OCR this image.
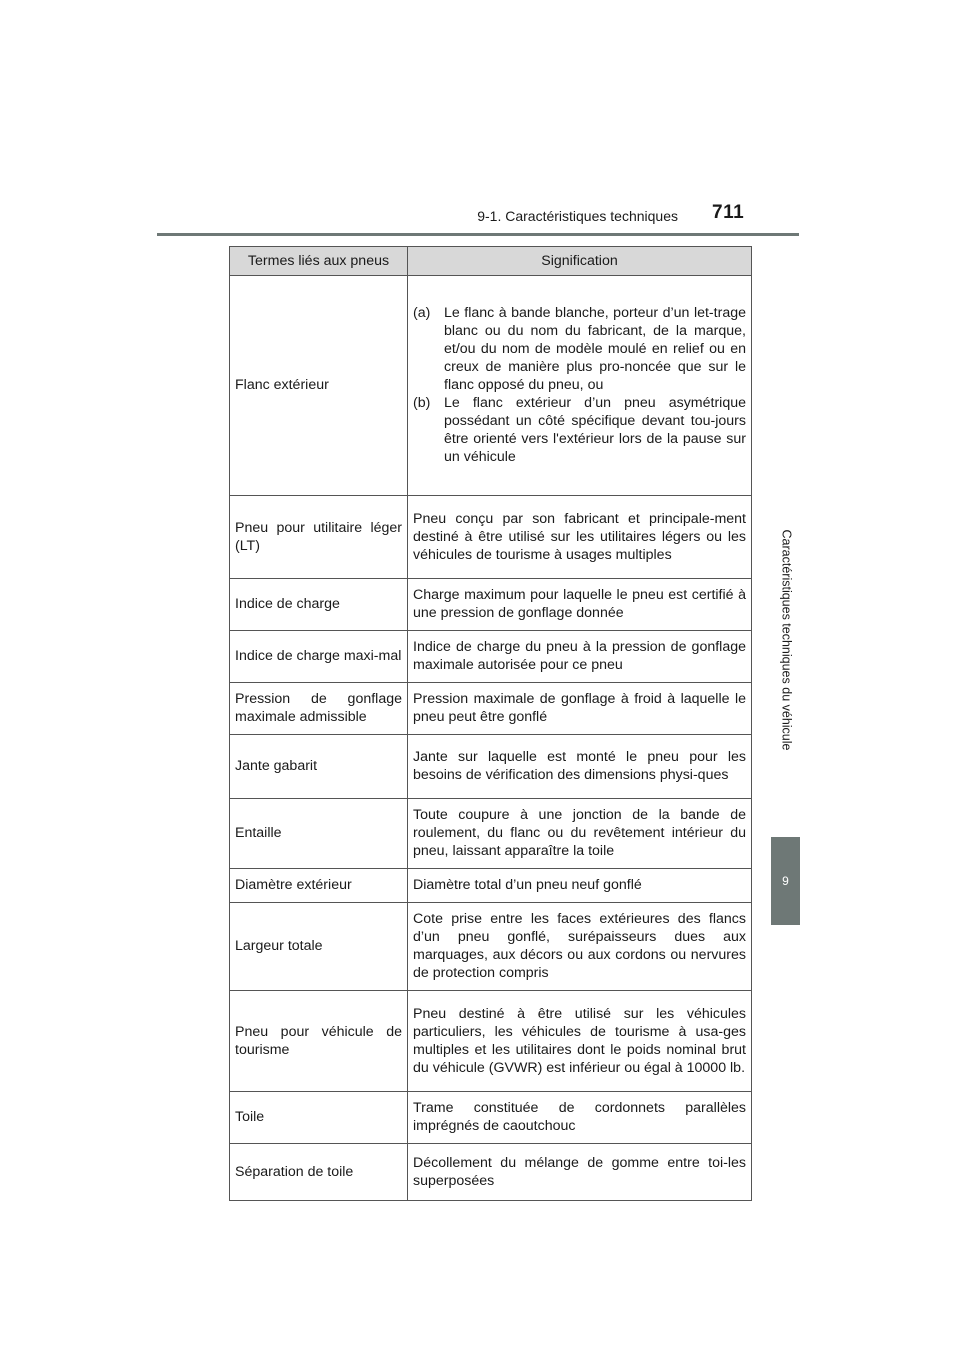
9-1. Caractéristiques techniques 711
Caractéristiques techniques du véhicule
9
Termes liés aux pneus	Signification
Flanc extérieur	(a) Le flanc à bande blanche, porteur d’un let-trage blanc ou du nom du fabricant, de la marque, et/ou du nom de modèle moulé en relief ou en creux de manière plus pro-noncée que sur le flanc opposé du pneu, ou
(b) Le flanc extérieur d’un pneu asymétrique possédant un côté spécifique devant tou-jours être orienté vers l'extérieur lors de la pause sur un véhicule

Pneu pour utilitaire léger (LT)	Pneu conçu par son fabricant et principale-ment destiné à être utilisé sur les utilitaires légers ou les véhicules de tourisme à usages multiples
Indice de charge	Charge maximum pour laquelle le pneu est certifié à une pression de gonflage donnée
Indice de charge maxi-mal	Indice de charge du pneu à la pression de gonflage maximale autorisée pour ce pneu
Pression de gonflage maximale admissible	Pression maximale de gonflage à froid à laquelle le pneu peut être gonflé
Jante gabarit	Jante sur laquelle est monté le pneu pour les besoins de vérification des dimensions physi-ques
Entaille	Toute coupure à une jonction de la bande de roulement, du flanc ou du revêtement intérieur du pneu, laissant apparaître la toile
Diamètre extérieur	Diamètre total d’un pneu neuf gonflé
Largeur totale	Cote prise entre les faces extérieures des flancs d’un pneu gonflé, surépaisseurs dues aux marquages, aux décors ou aux cordons ou nervures de protection compris
Pneu pour véhicule de tourisme	Pneu destiné à être utilisé sur les véhicules particuliers, les véhicules de tourisme à usa-ges multiples et les utilitaires dont le poids nominal brut du véhicule (GVWR) est inférieur ou égal à 10000 lb.
Toile	Trame constituée de cordonnets parallèles imprégnés de caoutchouc
Séparation de toile	Décollement du mélange de gomme entre toi-les superposées
